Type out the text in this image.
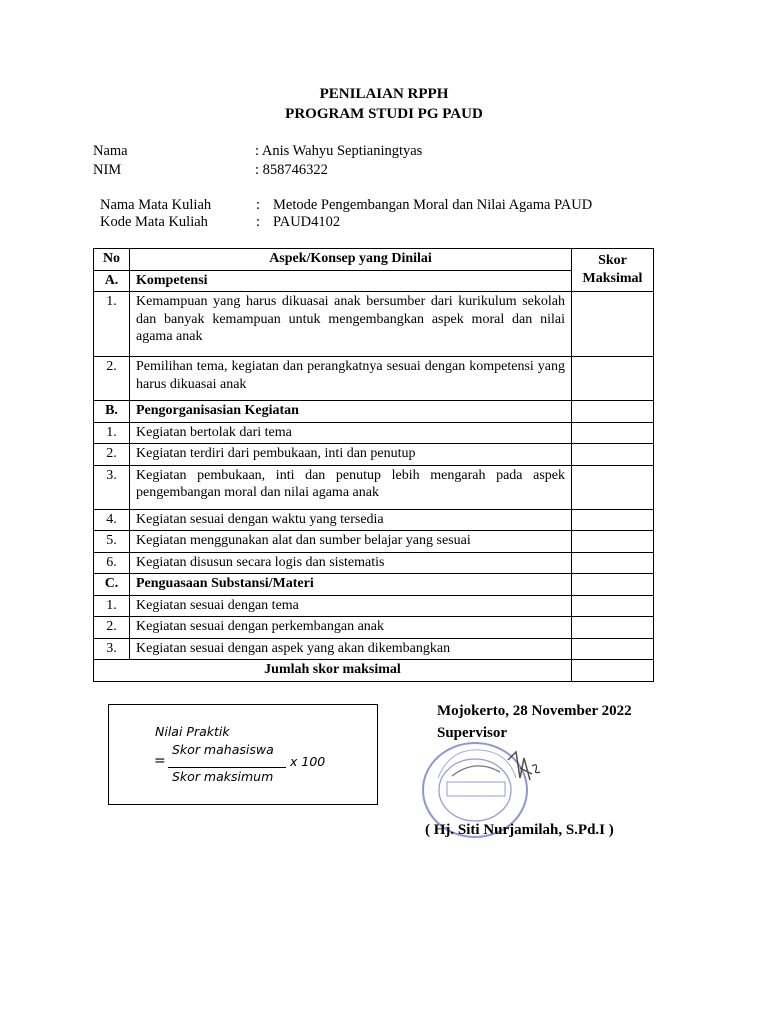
PENILAIAN RPPH
PROGRAM STUDI PG PAUD
Nama	: Anis Wahyu Septianingtyas
NIM	: 858746322
Nama Mata Kuliah	: Metode Pengembangan Moral dan Nilai Agama PAUD
Kode Mata Kuliah	: PAUD4102
No	Aspek/Konsep yang Dinilai	Skor Maksimal
A.	Kompetensi	
1.	Kemampuan yang harus dikuasai anak bersumber dari kurikulum sekolah dan banyak kemampuan untuk mengembangkan aspek moral dan nilai agama anak	
2.	Pemilihan tema, kegiatan dan perangkatnya sesuai dengan kompetensi yang harus dikuasai anak	
B.	Pengorganisasian Kegiatan	
1.	Kegiatan bertolak dari tema	
2.	Kegiatan terdiri dari pembukaan, inti dan penutup	
3.	Kegiatan pembukaan, inti dan penutup lebih mengarah pada aspek pengembangan moral dan nilai agama anak	
4.	Kegiatan sesuai dengan waktu yang tersedia	
5.	Kegiatan menggunakan alat dan sumber belajar yang sesuai	
6.	Kegiatan disusun secara logis dan sistematis	
C.	Penguasaan Substansi/Materi	
1.	Kegiatan sesuai dengan tema	
2.	Kegiatan sesuai dengan perkembangan anak	
3.	Kegiatan sesuai dengan aspek yang akan dikembangkan	
Jumlah skor maksimal		
Nilai Praktik
=
Skor mahasiswa
Skor maksimum
x 100
Mojokerto, 28 November 2022
Supervisor
( Hj. Siti Nurjamilah, S.Pd.I )
